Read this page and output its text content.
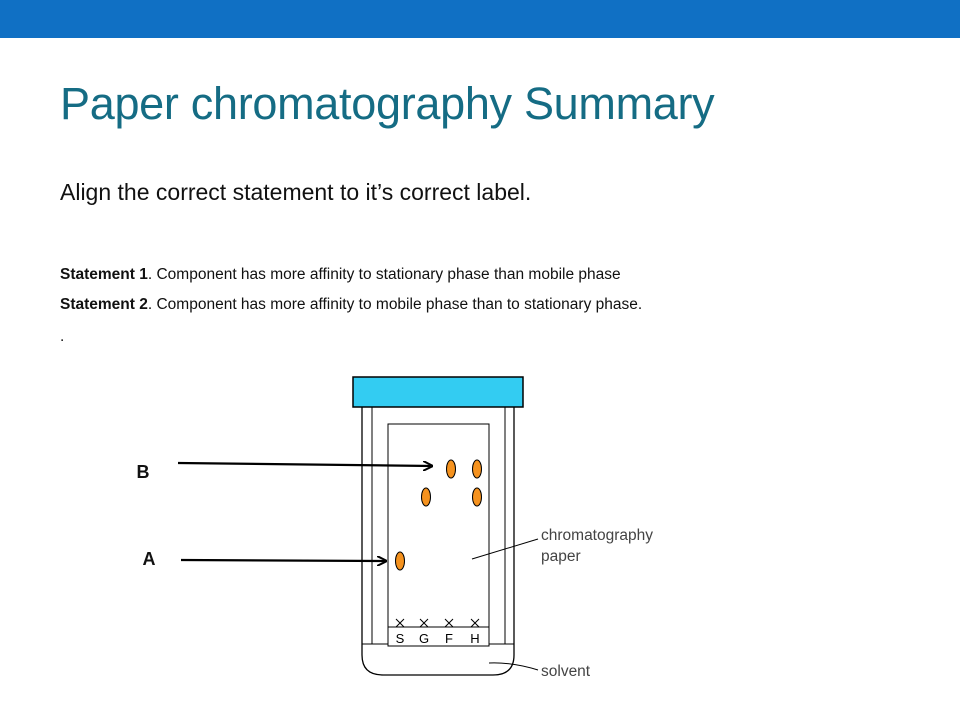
Paper chromatography Summary

Align the correct statement to it’s correct label.

Statement 1. Component has more affinity to stationary phase than mobile phase

Statement 2. Component has more affinity to mobile phase than to stationary phase.

.
S G F H
chromatography
paper
solvent
B
A
